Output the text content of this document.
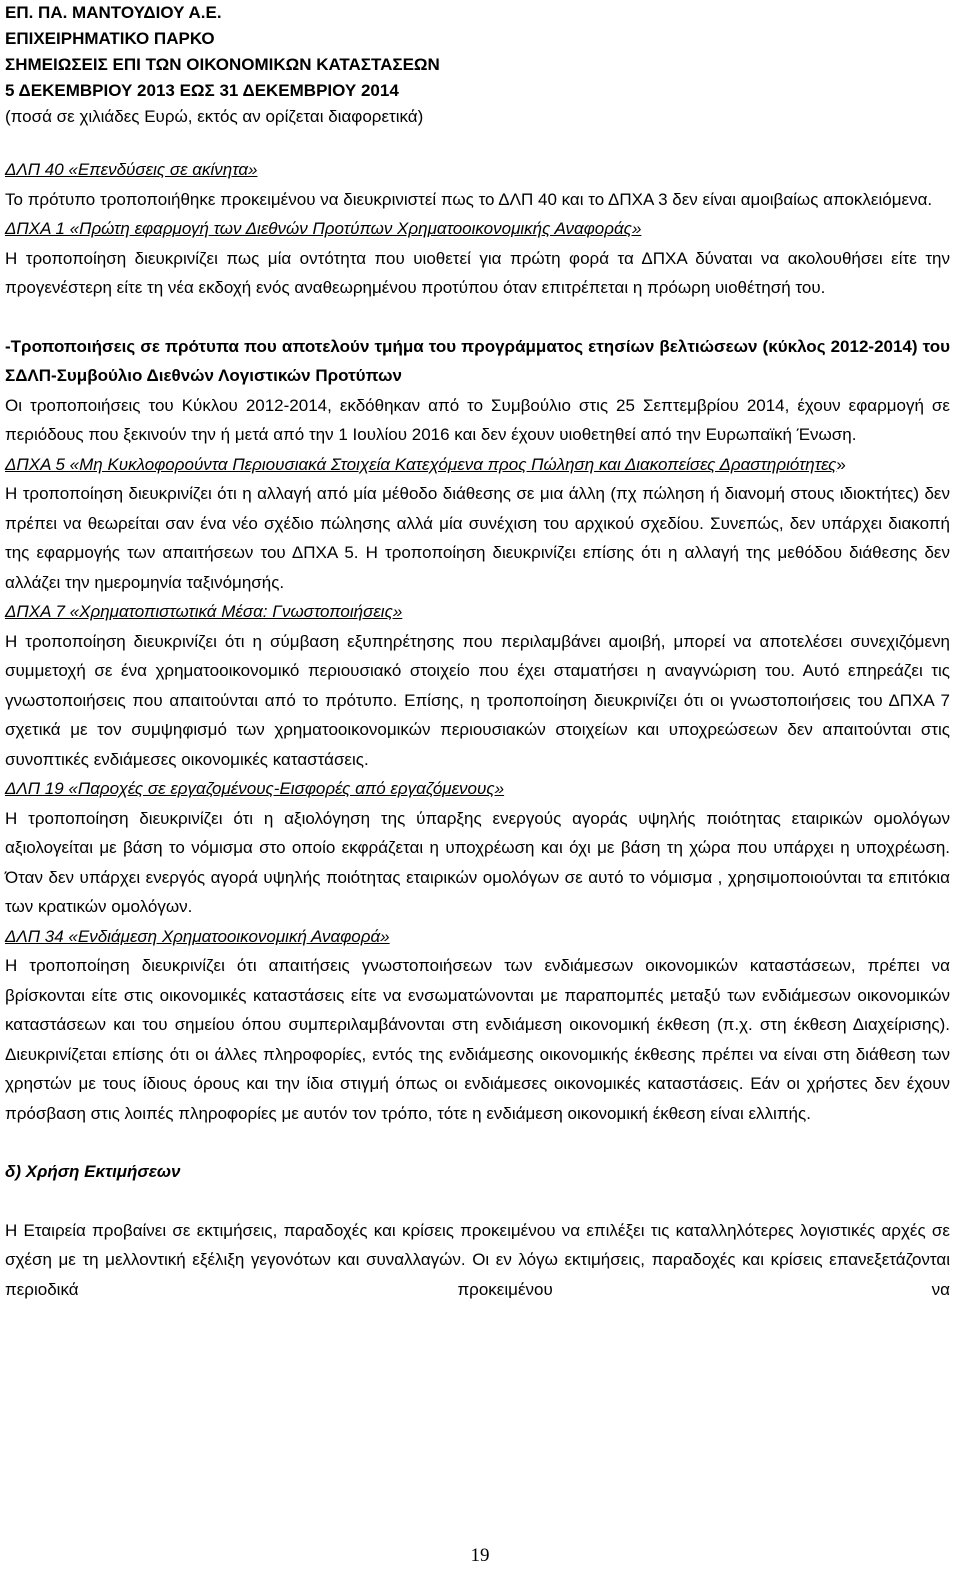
ΕΠ. ΠΑ. ΜΑΝΤΟΥΔΙΟΥ Α.Ε.
ΕΠΙΧΕΙΡΗΜΑΤΙΚΟ ΠΑΡΚΟ
ΣΗΜΕΙΩΣΕΙΣ ΕΠΙ ΤΩΝ ΟΙΚΟΝΟΜΙΚΩΝ ΚΑΤΑΣΤΑΣΕΩΝ
5 ΔΕΚΕΜΒΡΙΟΥ 2013 ΕΩΣ 31 ΔΕΚΕΜΒΡΙΟΥ 2014
(ποσά σε χιλιάδες Ευρώ, εκτός αν ορίζεται διαφορετικά)
ΔΛΠ 40 «Επενδύσεις σε ακίνητα»
Το πρότυπο τροποποιήθηκε προκειμένου να διευκρινιστεί πως το ΔΛΠ 40 και το ΔΠΧΑ 3 δεν είναι αμοιβαίως αποκλειόμενα.
ΔΠΧΑ 1 «Πρώτη εφαρμογή των Διεθνών Προτύπων Χρηματοοικονομικής Αναφοράς»
Η τροποποίηση διευκρινίζει πως μία οντότητα που υιοθετεί για πρώτη φορά τα ΔΠΧΑ δύναται να ακολουθήσει είτε την προγενέστερη είτε τη νέα εκδοχή ενός αναθεωρημένου προτύπου όταν επιτρέπεται η πρόωρη υιοθέτησή του.
-Τροποποιήσεις σε πρότυπα που αποτελούν τμήμα του προγράμματος ετησίων βελτιώσεων (κύκλος 2012-2014) του ΣΔΛΠ-Συμβούλιο Διεθνών Λογιστικών Προτύπων
Οι τροποποιήσεις του Κύκλου 2012-2014, εκδόθηκαν από το Συμβούλιο στις 25 Σεπτεμβρίου 2014, έχουν εφαρμογή σε περιόδους που ξεκινούν την ή μετά από την 1 Ιουλίου 2016 και δεν έχουν υιοθετηθεί από την Ευρωπαϊκή Ένωση.
ΔΠΧΑ 5 «Μη Κυκλοφορούντα Περιουσιακά Στοιχεία Κατεχόμενα προς Πώληση και Διακοπείσες Δραστηριότητες»
Η τροποποίηση διευκρινίζει ότι η αλλαγή από μία μέθοδο διάθεσης σε μια άλλη (πχ πώληση ή διανομή στους ιδιοκτήτες) δεν πρέπει να θεωρείται σαν ένα νέο σχέδιο πώλησης αλλά μία συνέχιση του αρχικού σχεδίου. Συνεπώς, δεν υπάρχει διακοπή της εφαρμογής των απαιτήσεων του ΔΠΧΑ 5. Η τροποποίηση διευκρινίζει επίσης ότι η αλλαγή της μεθόδου διάθεσης δεν αλλάζει την ημερομηνία ταξινόμησής.
ΔΠΧΑ 7 «Χρηματοπιστωτικά Μέσα: Γνωστοποιήσεις»
Η τροποποίηση διευκρινίζει ότι η σύμβαση εξυπηρέτησης που περιλαμβάνει αμοιβή, μπορεί να αποτελέσει συνεχιζόμενη συμμετοχή σε ένα χρηματοοικονομικό περιουσιακό στοιχείο που έχει σταματήσει η αναγνώριση του. Αυτό επηρεάζει τις γνωστοποιήσεις που απαιτούνται από το πρότυπο. Επίσης, η τροποποίηση διευκρινίζει ότι οι γνωστοποιήσεις του ΔΠΧΑ 7 σχετικά με τον συμψηφισμό των χρηματοοικονομικών περιουσιακών στοιχείων και υποχρεώσεων δεν απαιτούνται στις συνοπτικές ενδιάμεσες οικονομικές καταστάσεις.
ΔΛΠ 19 «Παροχές σε εργαζομένους-Εισφορές από εργαζόμενους»
Η τροποποίηση διευκρινίζει ότι η αξιολόγηση της ύπαρξης ενεργούς αγοράς υψηλής ποιότητας εταιρικών ομολόγων αξιολογείται με βάση το νόμισμα στο οποίο εκφράζεται η υποχρέωση και όχι με βάση τη χώρα που υπάρχει η υποχρέωση. Όταν δεν υπάρχει ενεργός αγορά υψηλής ποιότητας εταιρικών ομολόγων σε αυτό το νόμισμα , χρησιμοποιούνται τα επιτόκια των κρατικών ομολόγων.
ΔΛΠ 34 «Ενδιάμεση Χρηματοοικονομική Αναφορά»
Η τροποποίηση διευκρινίζει ότι απαιτήσεις γνωστοποιήσεων των ενδιάμεσων οικονομικών καταστάσεων, πρέπει να βρίσκονται είτε στις οικονομικές καταστάσεις είτε να ενσωματώνονται με παραπομπές μεταξύ των ενδιάμεσων οικονομικών καταστάσεων και του σημείου όπου συμπεριλαμβάνονται στη ενδιάμεση οικονομική έκθεση (π.χ. στη έκθεση Διαχείρισης). Διευκρινίζεται επίσης ότι οι άλλες πληροφορίες, εντός της ενδιάμεσης οικονομικής έκθεσης πρέπει να είναι στη διάθεση των χρηστών με τους ίδιους όρους και την ίδια στιγμή όπως οι ενδιάμεσες οικονομικές καταστάσεις. Εάν οι χρήστες δεν έχουν πρόσβαση στις λοιπές πληροφορίες με αυτόν τον τρόπο, τότε η ενδιάμεση οικονομική έκθεση είναι ελλιπής.
δ) Χρήση Εκτιμήσεων
Η Εταιρεία προβαίνει σε εκτιμήσεις, παραδοχές και κρίσεις προκειμένου να επιλέξει τις καταλληλότερες λογιστικές αρχές σε σχέση με τη μελλοντική εξέλιξη γεγονότων και συναλλαγών. Οι εν λόγω εκτιμήσεις, παραδοχές και κρίσεις επανεξετάζονται περιοδικά προκειμένου να
19
